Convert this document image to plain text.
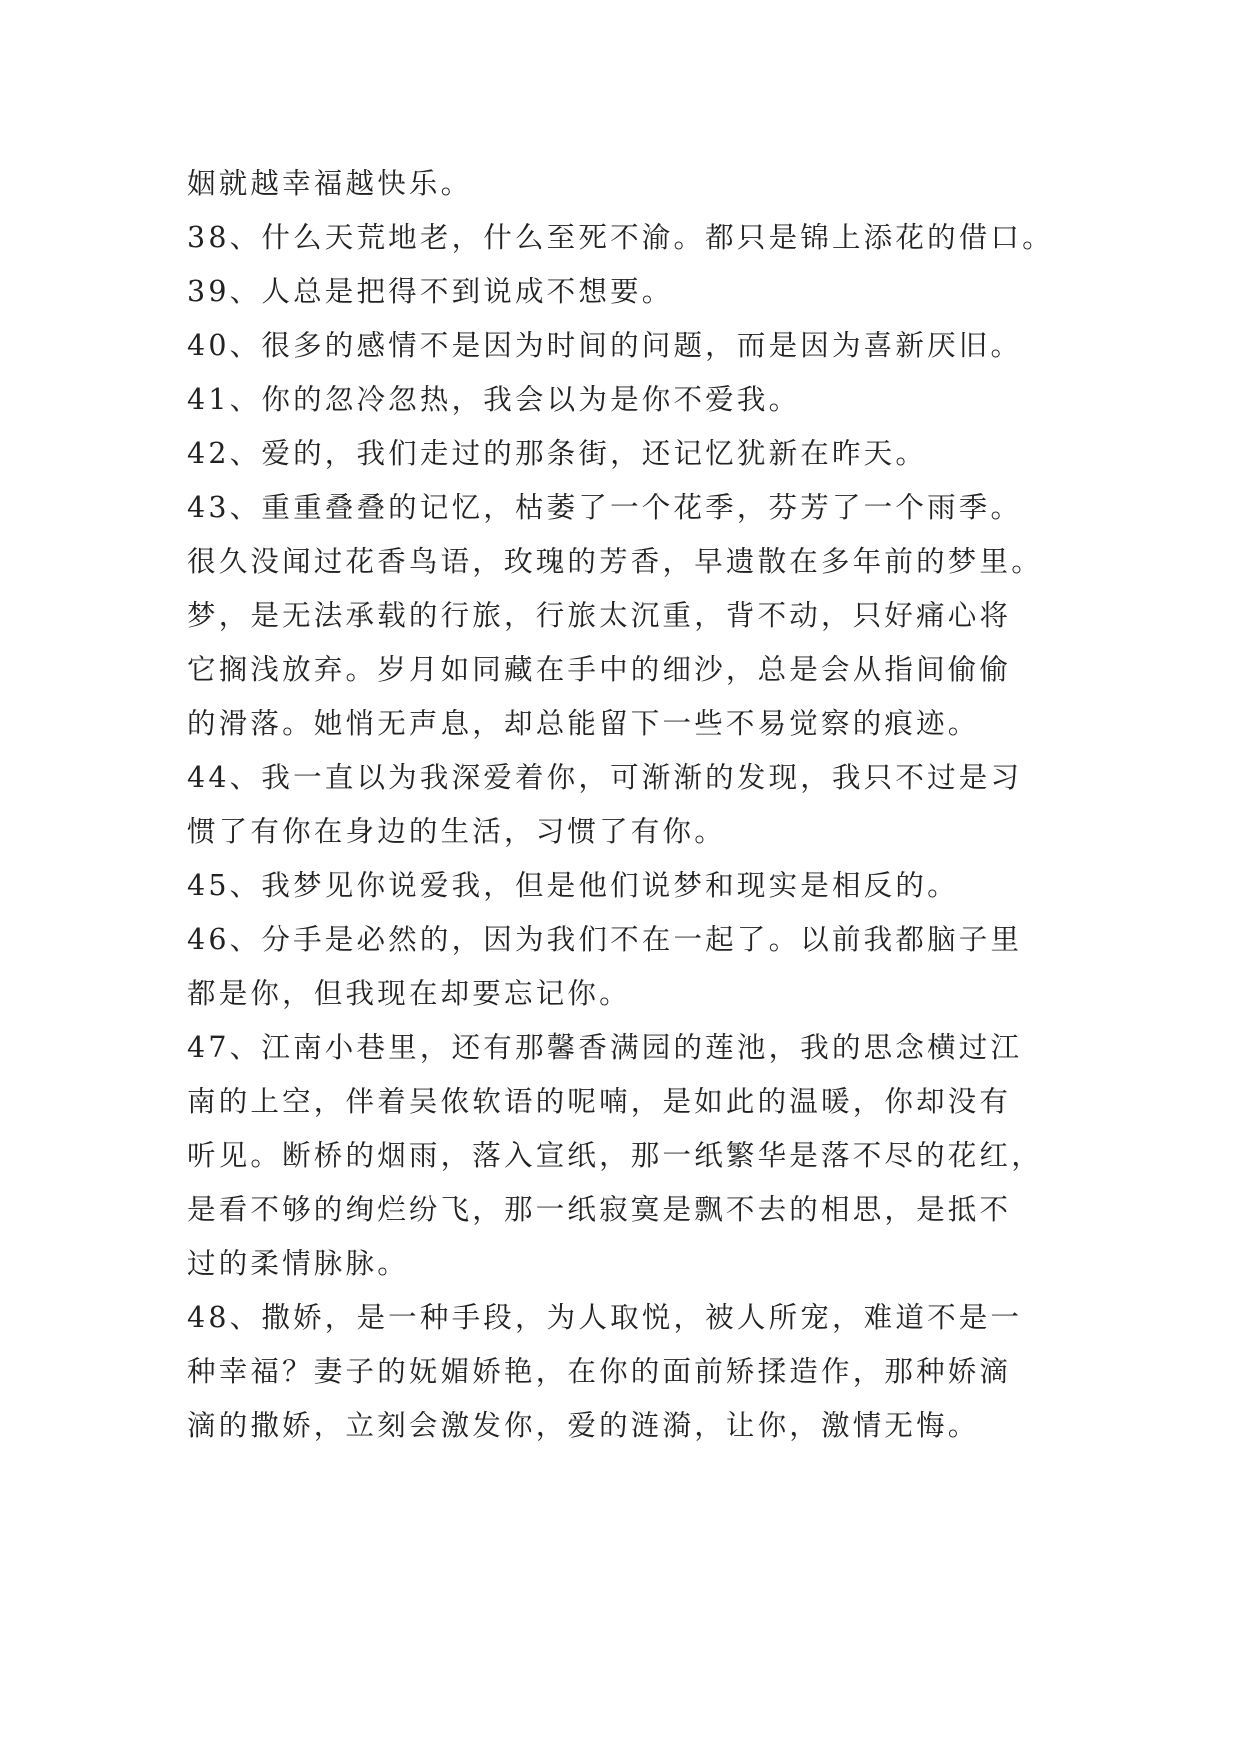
姻就越幸福越快乐。
38、什么天荒地老，什么至死不渝。都只是锦上添花的借口。
39、人总是把得不到说成不想要。
40、很多的感情不是因为时间的问题，而是因为喜新厌旧。
41、你的忽冷忽热，我会以为是你不爱我。
42、爱的，我们走过的那条街，还记忆犹新在昨天。
43、重重叠叠的记忆，枯萎了一个花季，芬芳了一个雨季。
很久没闻过花香鸟语，玫瑰的芳香，早遗散在多年前的梦里。
梦，是无法承载的行旅，行旅太沉重，背不动，只好痛心将
它搁浅放弃。岁月如同藏在手中的细沙，总是会从指间偷偷
的滑落。她悄无声息，却总能留下一些不易觉察的痕迹。
44、我一直以为我深爱着你，可渐渐的发现，我只不过是习
惯了有你在身边的生活，习惯了有你。
45、我梦见你说爱我，但是他们说梦和现实是相反的。
46、分手是必然的，因为我们不在一起了。以前我都脑子里
都是你，但我现在却要忘记你。
47、江南小巷里，还有那馨香满园的莲池，我的思念横过江
南的上空，伴着吴侬软语的呢喃，是如此的温暖，你却没有
听见。断桥的烟雨，落入宣纸，那一纸繁华是落不尽的花红，
是看不够的绚烂纷飞，那一纸寂寞是飘不去的相思，是抵不
过的柔情脉脉。
48、撒娇，是一种手段，为人取悦，被人所宠，难道不是一
种幸福？妻子的妩媚娇艳，在你的面前矫揉造作，那种娇滴
滴的撒娇，立刻会激发你，爱的涟漪，让你，激情无悔。
